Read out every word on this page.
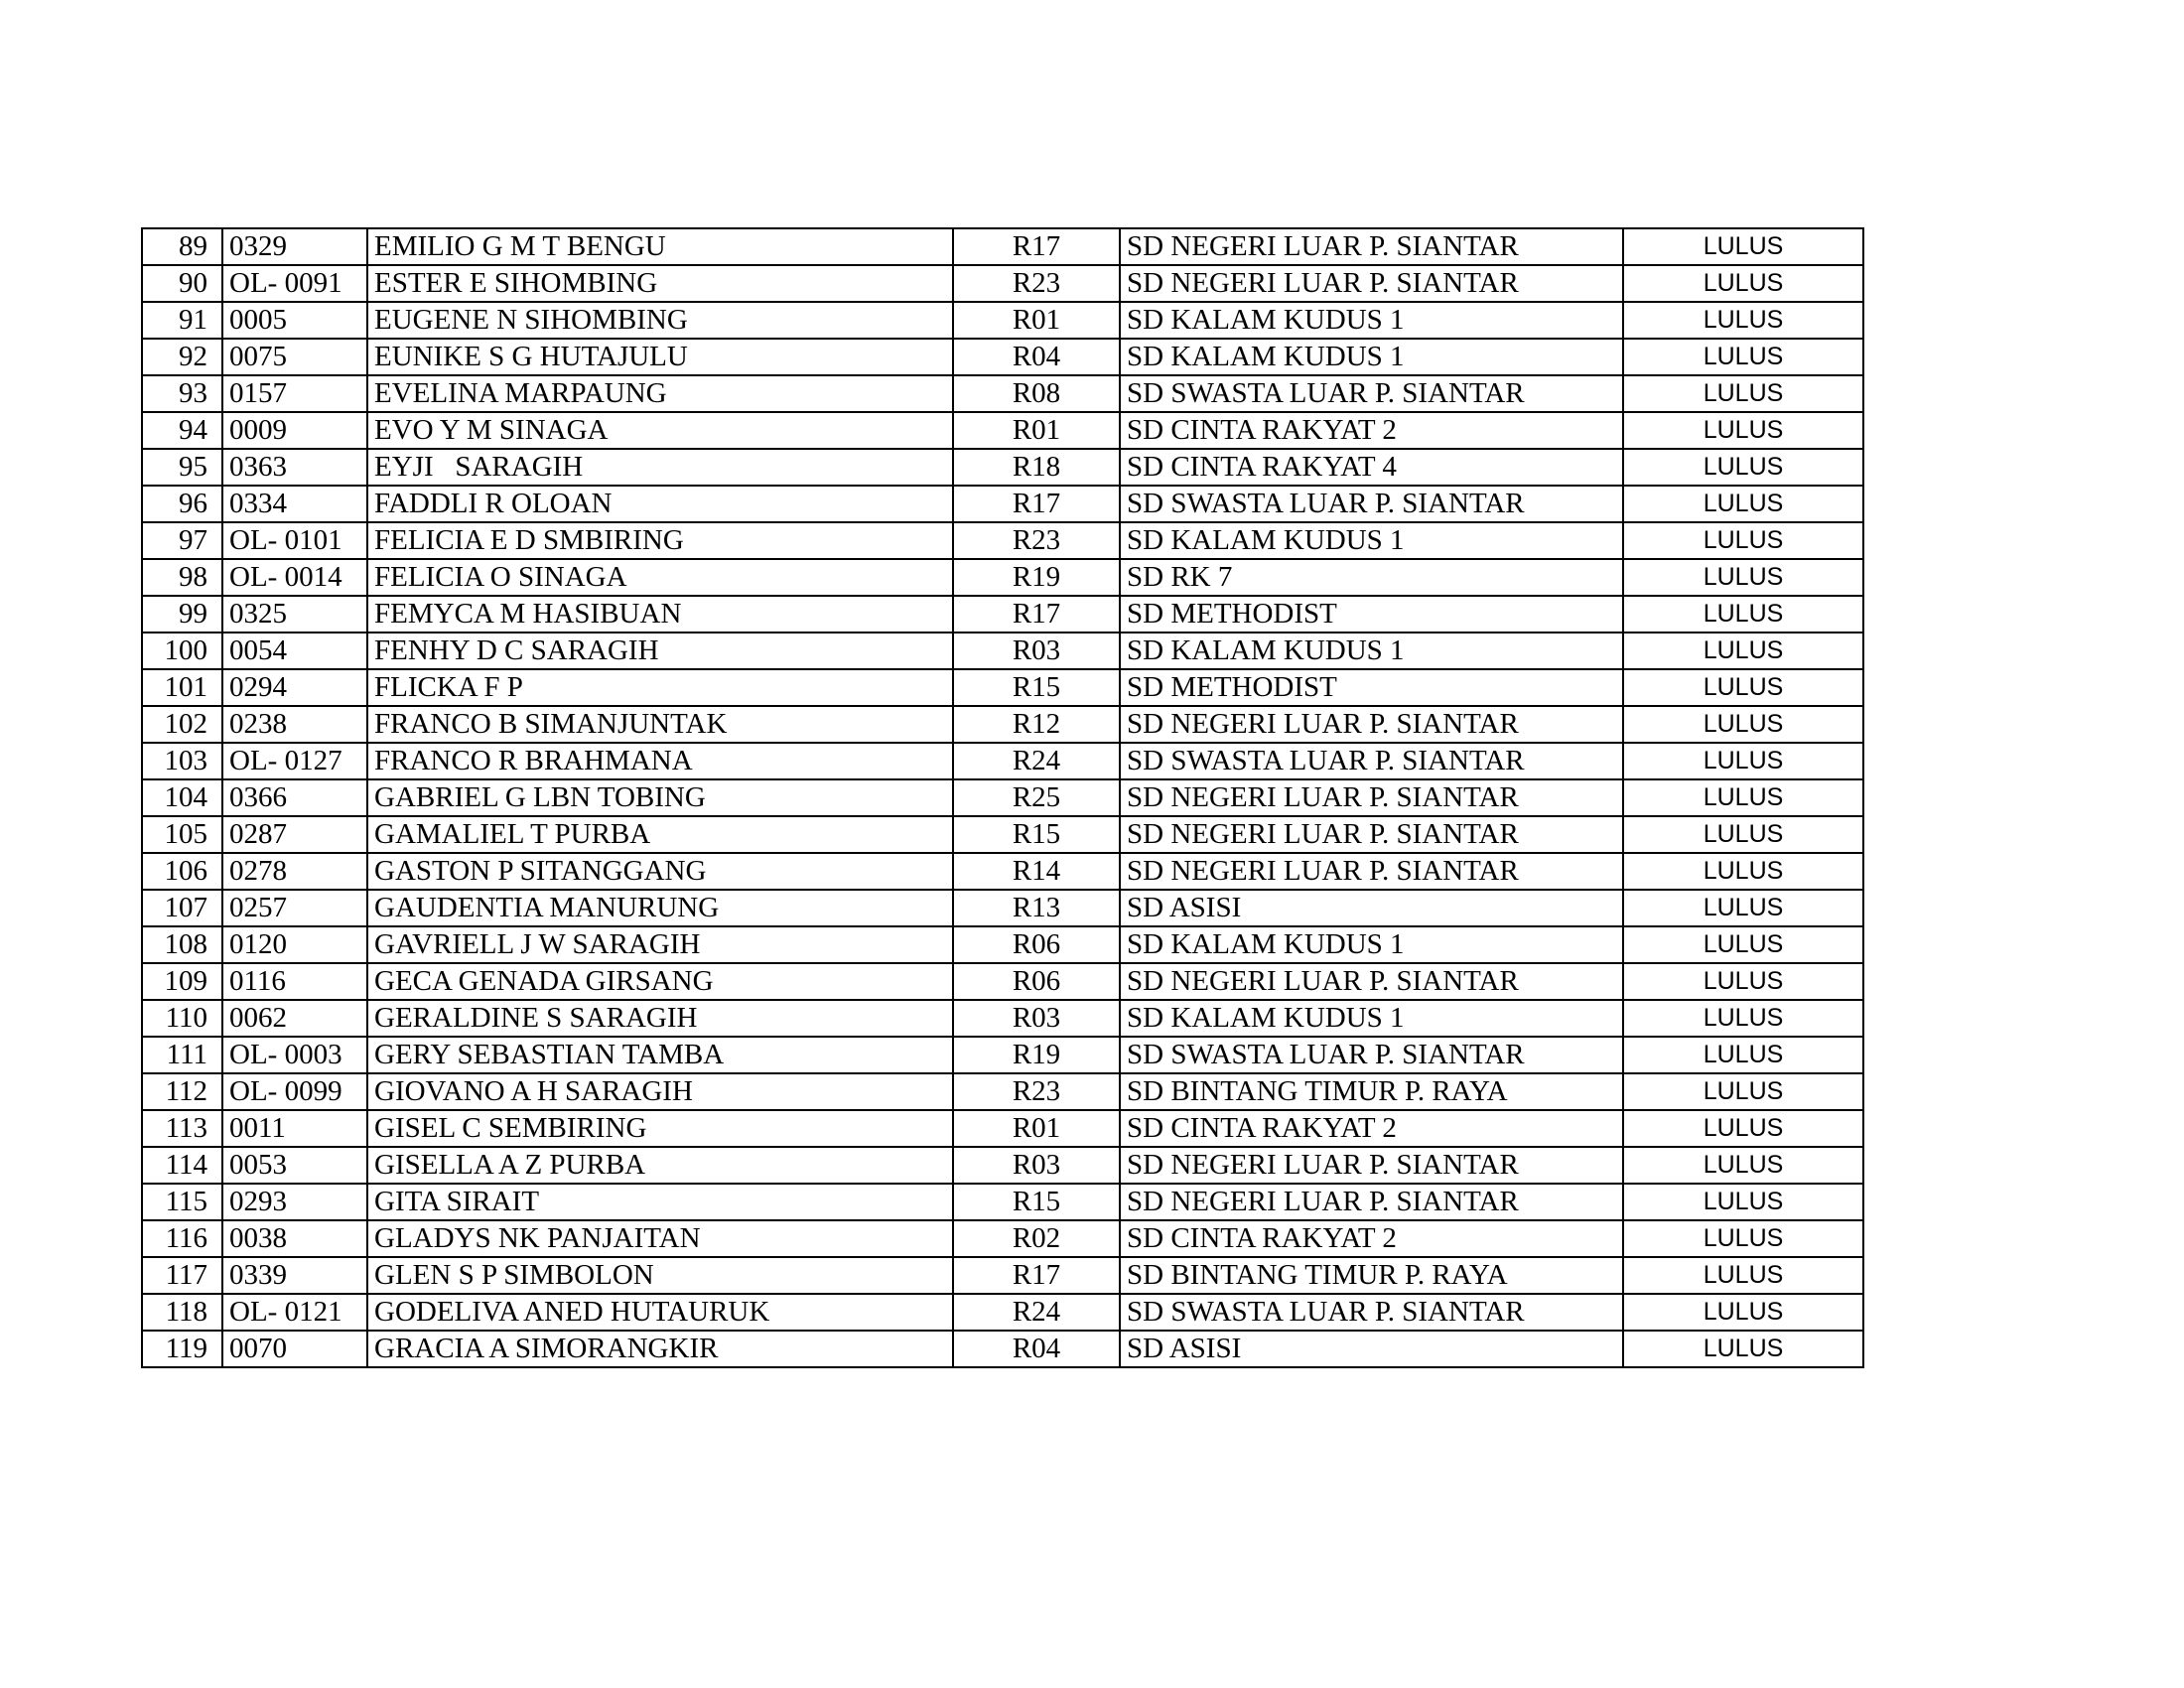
89	0329	EMILIO G M T BENGU	R17	SD NEGERI LUAR P. SIANTAR	LULUS
90	OL- 0091	ESTER E SIHOMBING	R23	SD NEGERI LUAR P. SIANTAR	LULUS
91	0005	EUGENE N SIHOMBING	R01	SD KALAM KUDUS 1	LULUS
92	0075	EUNIKE S G HUTAJULU	R04	SD KALAM KUDUS 1	LULUS
93	0157	EVELINA MARPAUNG	R08	SD SWASTA LUAR P. SIANTAR	LULUS
94	0009	EVO Y M SINAGA	R01	SD CINTA RAKYAT 2	LULUS
95	0363	EYJI   SARAGIH	R18	SD CINTA RAKYAT 4	LULUS
96	0334	FADDLI R OLOAN	R17	SD SWASTA LUAR P. SIANTAR	LULUS
97	OL- 0101	FELICIA E D SMBIRING	R23	SD KALAM KUDUS 1	LULUS
98	OL- 0014	FELICIA O SINAGA	R19	SD RK 7	LULUS
99	0325	FEMYCA M HASIBUAN	R17	SD METHODIST	LULUS
100	0054	FENHY D C SARAGIH	R03	SD KALAM KUDUS 1	LULUS
101	0294	FLICKA F P	R15	SD METHODIST	LULUS
102	0238	FRANCO B SIMANJUNTAK	R12	SD NEGERI LUAR P. SIANTAR	LULUS
103	OL- 0127	FRANCO R BRAHMANA	R24	SD SWASTA LUAR P. SIANTAR	LULUS
104	0366	GABRIEL G LBN TOBING	R25	SD NEGERI LUAR P. SIANTAR	LULUS
105	0287	GAMALIEL T PURBA	R15	SD NEGERI LUAR P. SIANTAR	LULUS
106	0278	GASTON P SITANGGANG	R14	SD NEGERI LUAR P. SIANTAR	LULUS
107	0257	GAUDENTIA MANURUNG	R13	SD ASISI	LULUS
108	0120	GAVRIELL J W SARAGIH	R06	SD KALAM KUDUS 1	LULUS
109	0116	GECA GENADA GIRSANG	R06	SD NEGERI LUAR P. SIANTAR	LULUS
110	0062	GERALDINE S SARAGIH	R03	SD KALAM KUDUS 1	LULUS
111	OL- 0003	GERY SEBASTIAN TAMBA	R19	SD SWASTA LUAR P. SIANTAR	LULUS
112	OL- 0099	GIOVANO A H SARAGIH	R23	SD BINTANG TIMUR P. RAYA	LULUS
113	0011	GISEL C SEMBIRING	R01	SD CINTA RAKYAT 2	LULUS
114	0053	GISELLA A Z PURBA	R03	SD NEGERI LUAR P. SIANTAR	LULUS
115	0293	GITA SIRAIT	R15	SD NEGERI LUAR P. SIANTAR	LULUS
116	0038	GLADYS NK PANJAITAN	R02	SD CINTA RAKYAT 2	LULUS
117	0339	GLEN S P SIMBOLON	R17	SD BINTANG TIMUR P. RAYA	LULUS
118	OL- 0121	GODELIVA ANED HUTAURUK	R24	SD SWASTA LUAR P. SIANTAR	LULUS
119	0070	GRACIA A SIMORANGKIR	R04	SD ASISI	LULUS
